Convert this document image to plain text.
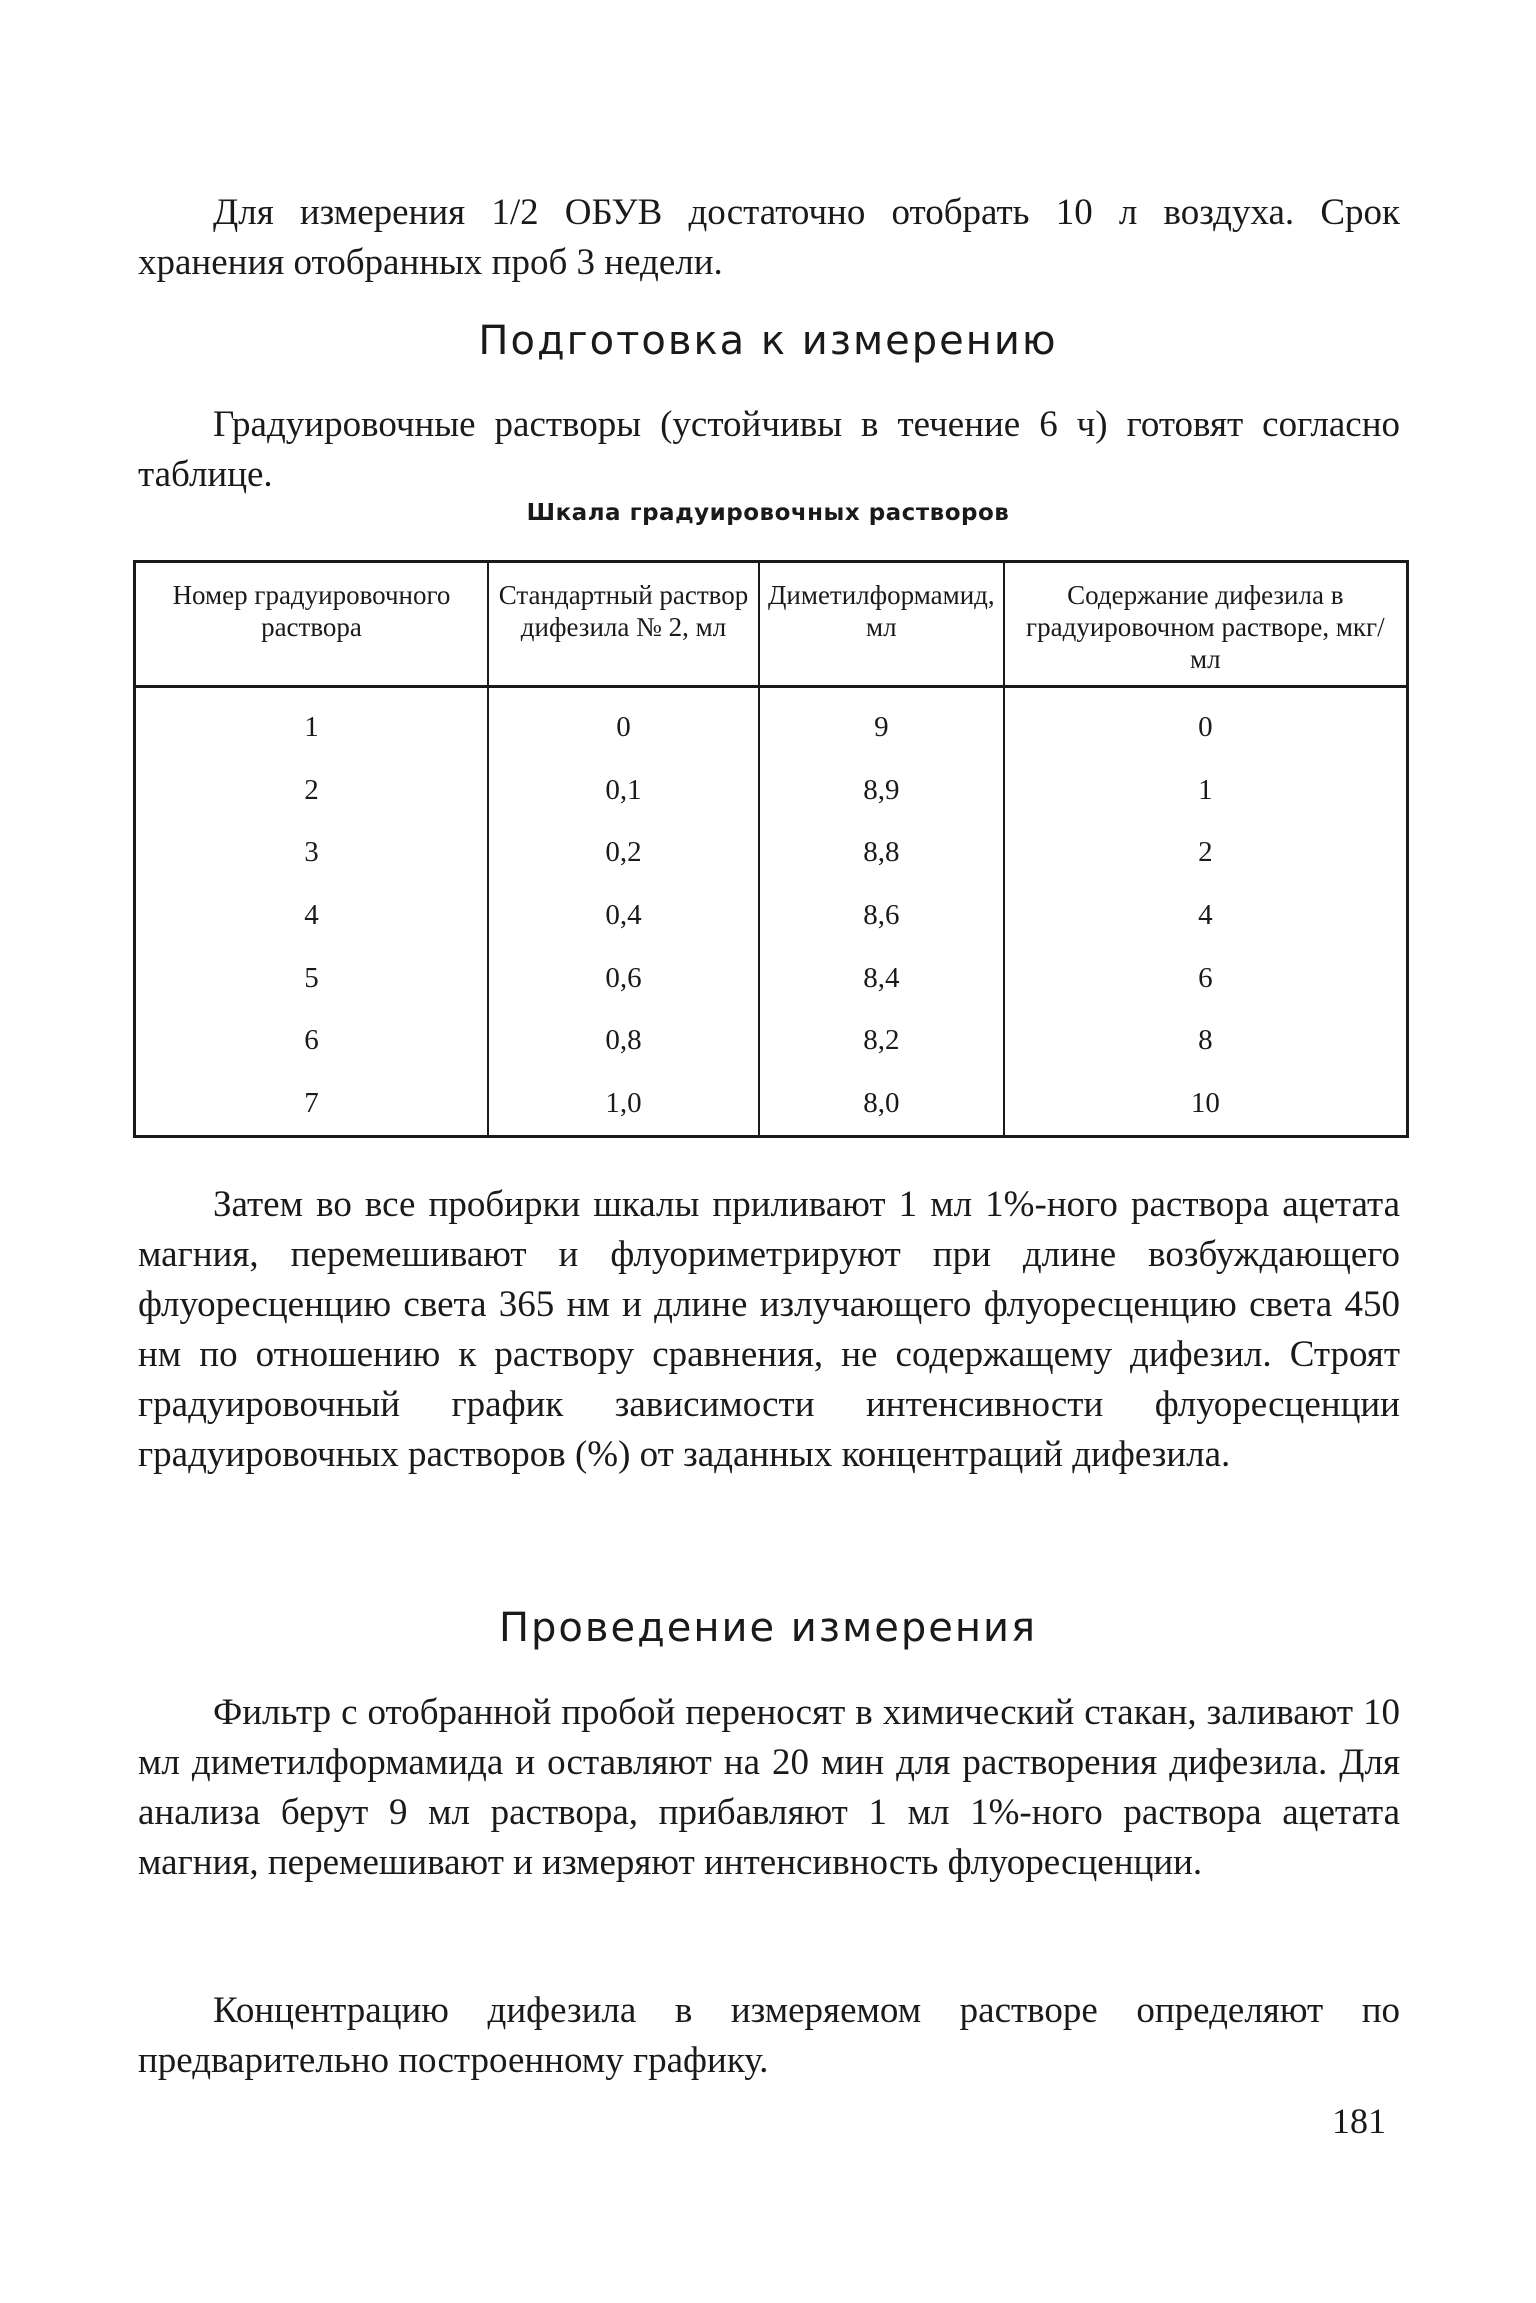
Для измерения 1/2 ОБУВ достаточно отобрать 10 л воздуха. Срок хранения отобранных проб 3 недели.

Подготовка к измерению

Градуировочные растворы (устойчивы в течение 6 ч) готовят согласно таблице.

Шкала градуировочных растворов
Номер градуировочного раствора	Стандартный раствор дифезила № 2, мл	Диметилформамид, мл	Содержание дифезила в градуировочном растворе, мкг/мл
1	0	9	0
2	0,1	8,9	1
3	0,2	8,8	2
4	0,4	8,6	4
5	0,6	8,4	6
6	0,8	8,2	8
7	1,0	8,0	10

Затем во все пробирки шкалы приливают 1 мл 1%-ного раствора ацетата магния, перемешивают и флуориметрируют при длине возбуждающего флуоресценцию света 365 нм и длине излучающего флуоресценцию света 450 нм по отношению к раствору сравнения, не содержащему дифезил. Строят градуировочный график зависимости интенсивности флуоресценции градуировочных растворов (%) от заданных концентраций дифезила.

Проведение измерения

Фильтр с отобранной пробой переносят в химический стакан, заливают 10 мл диметилформамида и оставляют на 20 мин для растворения дифезила. Для анализа берут 9 мл раствора, прибавляют 1 мл 1%-ного раствора ацетата магния, перемешивают и измеряют интенсивность флуоресценции.

Концентрацию дифезила в измеряемом растворе определяют по предварительно построенному графику.

181
